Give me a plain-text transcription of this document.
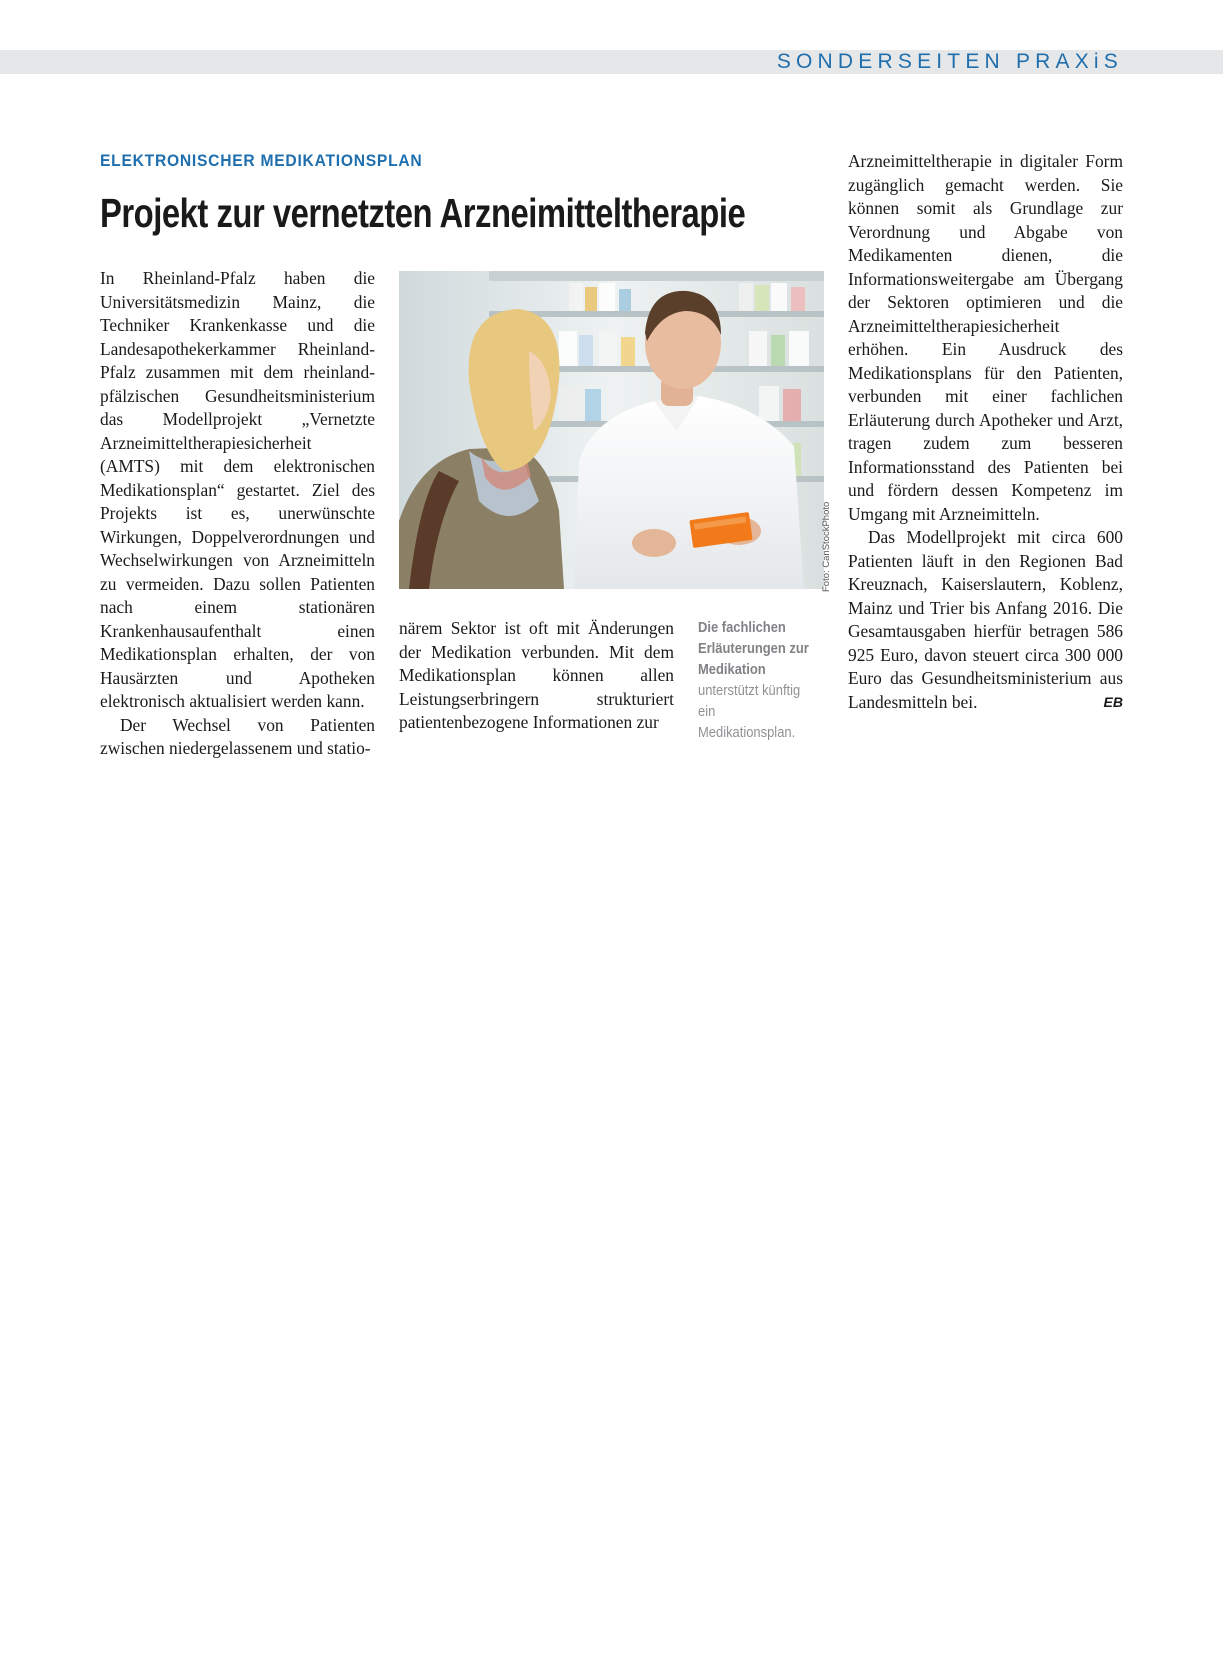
SONDERSEITEN PRAXiS
ELEKTRONISCHER MEDIKATIONSPLAN
Projekt zur vernetzten Arzneimitteltherapie

In Rheinland-Pfalz haben die Universitätsmedizin Mainz, die Techniker Krankenkasse und die Landesapothekerkammer Rheinland-Pfalz zusammen mit dem rheinland-pfälzischen Gesundheitsministerium das Modellprojekt „Vernetzte Arzneimitteltherapiesicherheit (AMTS) mit dem elektronischen Medikationsplan“ gestartet. Ziel des Projekts ist es, unerwünschte Wirkungen, Doppelverordnungen und Wechselwirkungen von Arzneimitteln zu vermeiden. Dazu sollen Patienten nach einem stationären Krankenhausaufenthalt einen Medikationsplan erhalten, der von Hausärzten und Apotheken elektronisch aktualisiert werden kann.

Der Wechsel von Patienten zwischen niedergelassenem und statio-

Foto: CanStockPhoto

närem Sektor ist oft mit Änderungen der Medikation verbunden. Mit dem Medikationsplan können allen Leistungserbringern strukturiert patientenbezogene Informationen zur

Die fachlichen Erläuterungen zur Medikation unterstützt künftig ein Medikationsplan.

Arzneimitteltherapie in digitaler Form zugänglich gemacht werden. Sie können somit als Grundlage zur Verordnung und Abgabe von Medikamenten dienen, die Informationsweitergabe am Übergang der Sektoren optimieren und die Arzneimitteltherapiesicherheit erhöhen. Ein Ausdruck des Medikationsplans für den Patienten, verbunden mit einer fachlichen Erläuterung durch Apotheker und Arzt, tragen zudem zum besseren Informationsstand des Patienten bei und fördern dessen Kompetenz im Umgang mit Arzneimitteln.

Das Modellprojekt mit circa 600 Patienten läuft in den Regionen Bad Kreuznach, Kaiserslautern, Koblenz, Mainz und Trier bis Anfang 2016. Die Gesamtausgaben hierfür betragen 586 925 Euro, davon steuert circa 300 000 Euro das Gesundheitsministerium aus Landesmitteln bei.	EB
